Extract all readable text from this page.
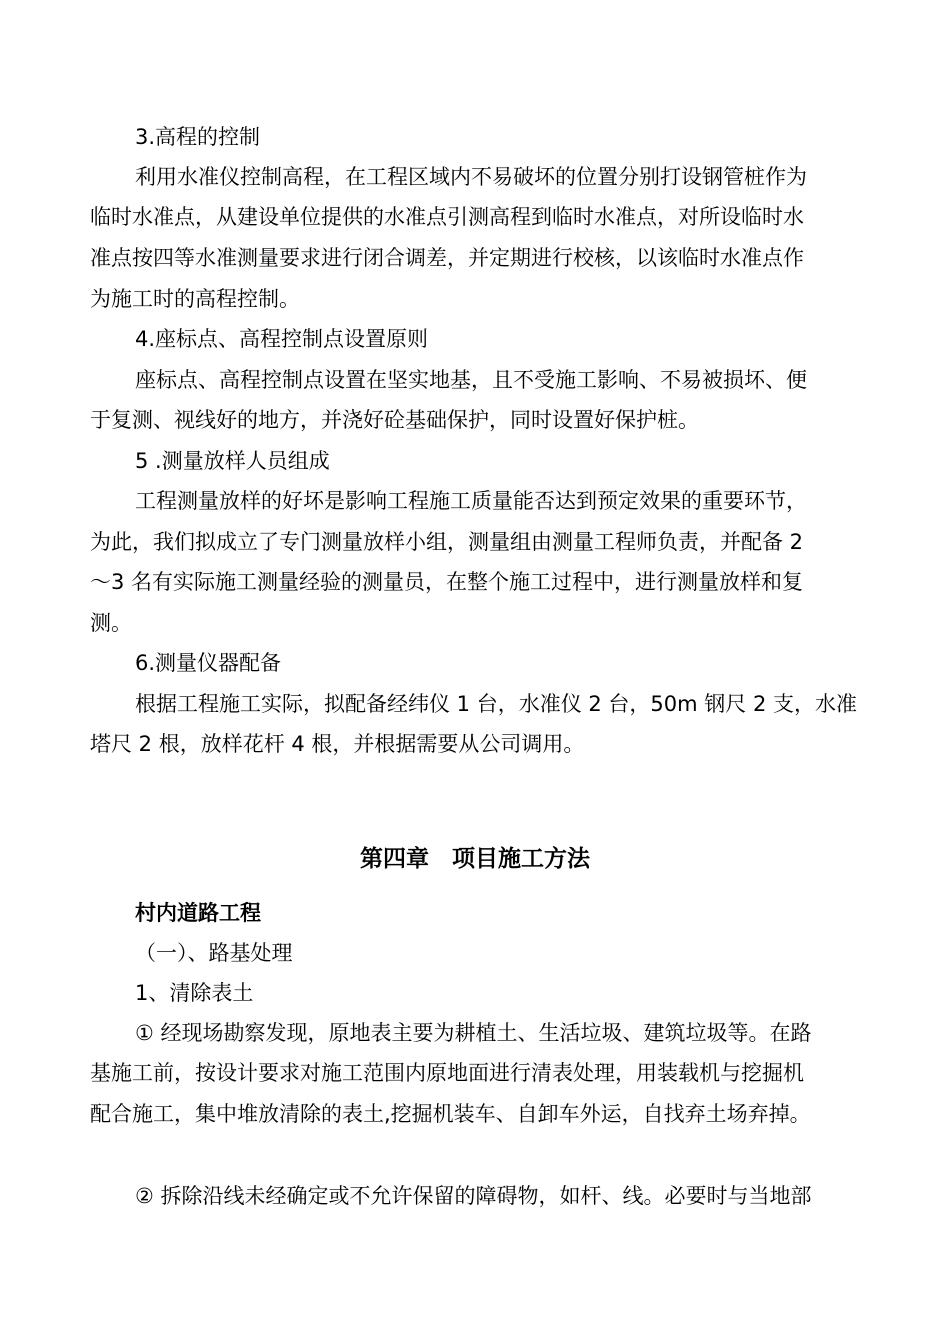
3.高程的控制
利用水准仪控制高程，在工程区域内不易破坏的位置分别打设钢管桩作为
临时水准点，从建设单位提供的水准点引测高程到临时水准点，对所设临时水
准点按四等水准测量要求进行闭合调差，并定期进行校核，以该临时水准点作
为施工时的高程控制。
4.座标点、高程控制点设置原则
座标点、高程控制点设置在坚实地基，且不受施工影响、不易被损坏、便
于复测、视线好的地方，并浇好砼基础保护，同时设置好保护桩。
5 .测量放样人员组成
工程测量放样的好坏是影响工程施工质量能否达到预定效果的重要环节，
为此，我们拟成立了专门测量放样小组，测量组由测量工程师负责，并配备 2
～3 名有实际施工测量经验的测量员，在整个施工过程中，进行测量放样和复
测。
6.测量仪器配备
根据工程施工实际，拟配备经纬仪 1 台，水准仪 2 台，50m 钢尺 2 支，水准
塔尺 2 根，放样花杆 4 根，并根据需要从公司调用。
第四章　项目施工方法
村内道路工程
（一）、路基处理
1、清除表土
① 经现场勘察发现，原地表主要为耕植土、生活垃圾、建筑垃圾等。在路
基施工前，按设计要求对施工范围内原地面进行清表处理，用装载机与挖掘机
配合施工，集中堆放清除的表土,挖掘机装车、自卸车外运，自找弃土场弃掉。
② 拆除沿线未经确定或不允许保留的障碍物，如杆、线。必要时与当地部
